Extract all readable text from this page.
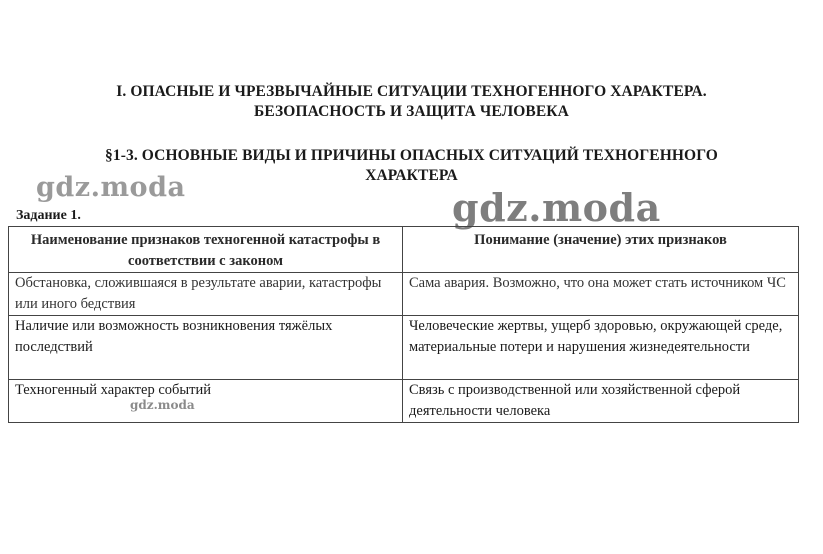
I. ОПАСНЫЕ И ЧРЕЗВЫЧАЙНЫЕ СИТУАЦИИ ТЕХНОГЕННОГО ХАРАКТЕРА.
БЕЗОПАСНОСТЬ И ЗАЩИТА ЧЕЛОВЕКА
§1-3. ОСНОВНЫЕ ВИДЫ И ПРИЧИНЫ ОПАСНЫХ СИТУАЦИЙ ТЕХНОГЕННОГО
ХАРАКТЕРА
gdz.moda	gdz.moda
Задание 1.
Наименование признаков техногенной катастрофы в соответствии с законом	Понимание (значение) этих признаков
Обстановка, сложившаяся в результате аварии, катастрофы или иного бедствия	Сама авария. Возможно, что она может стать источником ЧС
Наличие или возможность возникновения тяжёлых последствий	Человеческие жертвы, ущерб здоровью, окружающей среде, материальные потери и нарушения жизнедеятельности
Техногенный характер событий	Связь с производственной или хозяйственной сферой деятельности человека
gdz.moda
